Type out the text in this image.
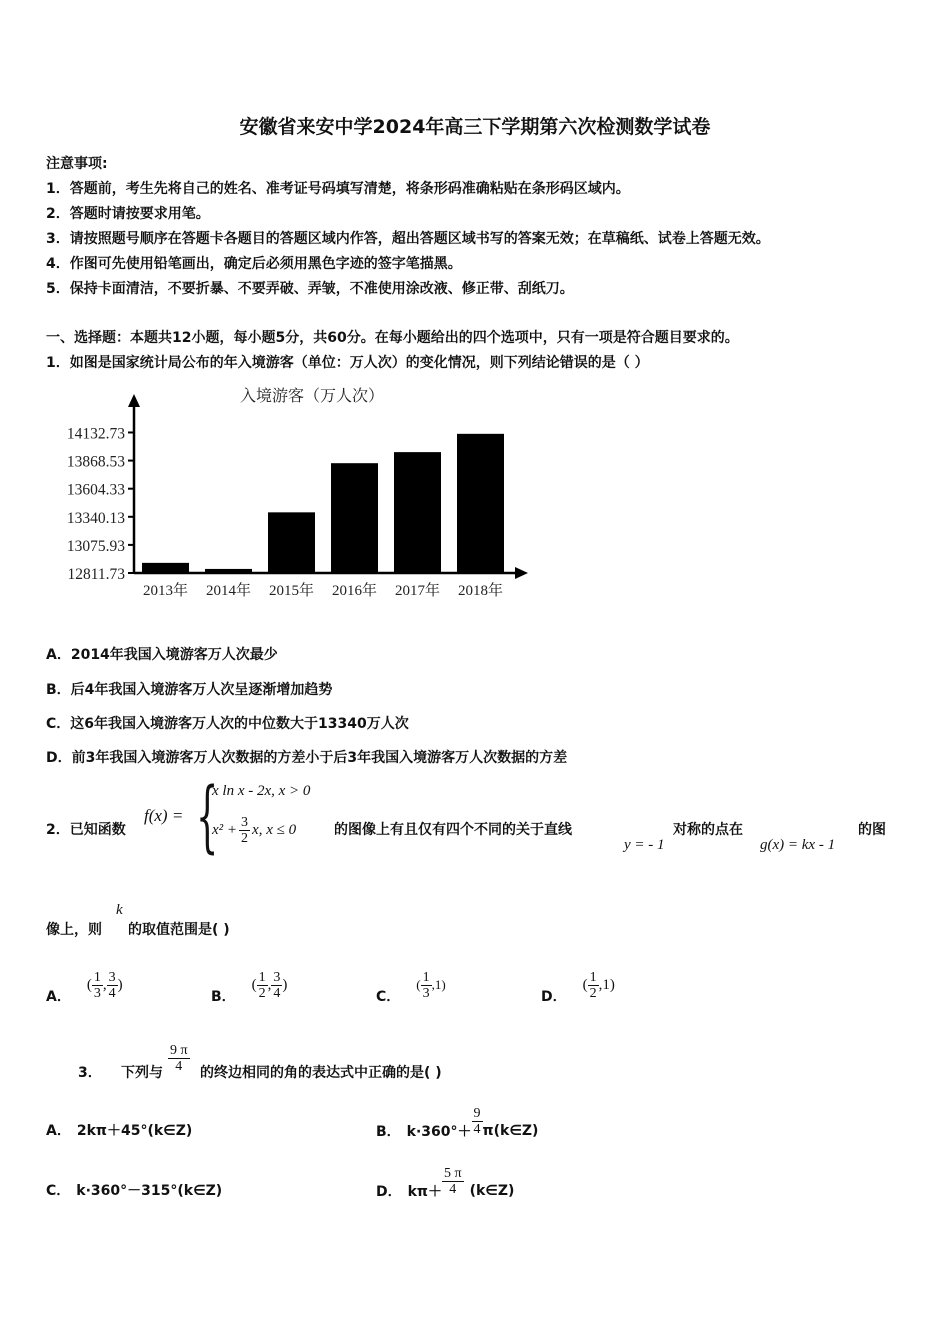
安徽省来安中学2024年高三下学期第六次检测数学试卷
注意事项:
1．答题前，考生先将自己的姓名、准考证号码填写清楚，将条形码准确粘贴在条形码区域内。
2．答题时请按要求用笔。
3．请按照题号顺序在答题卡各题目的答题区域内作答，超出答题区域书写的答案无效；在草稿纸、试卷上答题无效。
4．作图可先使用铅笔画出，确定后必须用黑色字迹的签字笔描黑。
5．保持卡面清洁，不要折暴、不要弄破、弄皱，不准使用涂改液、修正带、刮纸刀。
一、选择题：本题共12小题，每小题5分，共60分。在每小题给出的四个选项中，只有一项是符合题目要求的。
1．如图是国家统计局公布的年入境游客（单位：万人次）的变化情况，则下列结论错误的是（ ）
入境游客（万人次）
14132.73
13868.53
13604.33
13340.13
13075.93
12811.73
2013年 2014年 2015年 2016年 2017年 2018年
A．2014年我国入境游客万人次最少
B．后4年我国入境游客万人次呈逐渐增加趋势
C．这6年我国入境游客万人次的中位数大于13340万人次
D．前3年我国入境游客万人次数据的方差小于后3年我国入境游客万人次数据的方差
2．已知函数
f(x) = {
x ln x - 2x, x > 0
$x^2 + \frac{3}{2} x$, x ≤ 0	的图像上有且仅有四个不同的关于直线
y = - 1
对称的点在
g(x) = kx - 1
的图
像上，则
k
的取值范围是( )
A．
( $\frac{1}{3}$ , $\frac{3}{4}$ )
B．
( $\frac{1}{2}$ , $\frac{3}{4}$ )
C．
( $\frac{1}{3} ,1$)
D．
( $\frac{1}{2} ,1$)
3． 下列与 $\frac{9 \pi}{4}$ 的终边相同的角的表达式中正确的是( )
A． 2kπ＋45°(k∈Z)	B． $k\cdot 360^\circ+ \frac{9}{4}$ π(k∈Z)
C． k·360°－315°(k∈Z)	D． $k\pi+ \frac{5 \pi}{4}$ (k∈Z)
